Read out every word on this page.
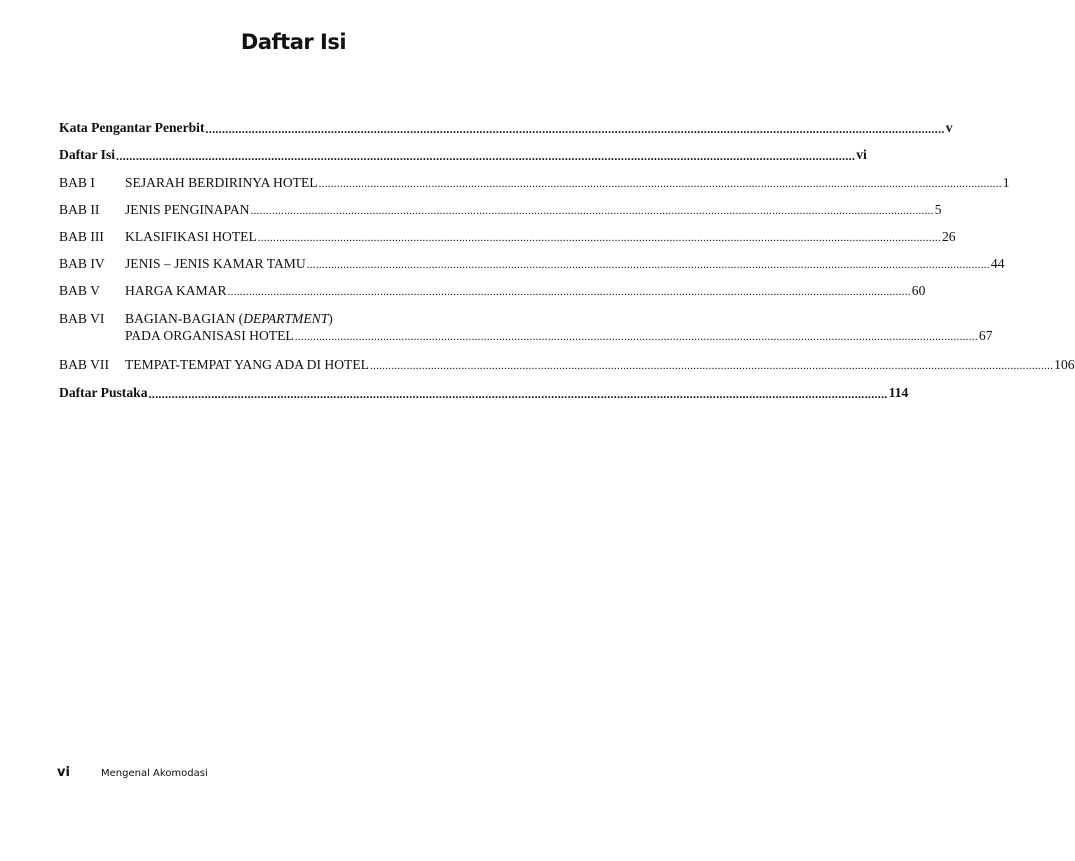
Daftar Isi
Kata Pengantar Penerbit .....	v
Daftar Isi .....	vi
BAB I	SEJARAH BERDIRINYA HOTEL .....	1
BAB II	JENIS PENGINAPAN .....	5
BAB III	KLASIFIKASI HOTEL .....	26
BAB IV	JENIS – JENIS KAMAR TAMU .....	44
BAB V	HARGA KAMAR .....	60
BAB VI	BAGIAN-BAGIAN (DEPARTMENT)
PADA ORGANISASI HOTEL .....	67
BAB VII	TEMPAT-TEMPAT YANG ADA DI HOTEL .....	106
Daftar Pustaka .....	114
vi	Mengenal Akomodasi
